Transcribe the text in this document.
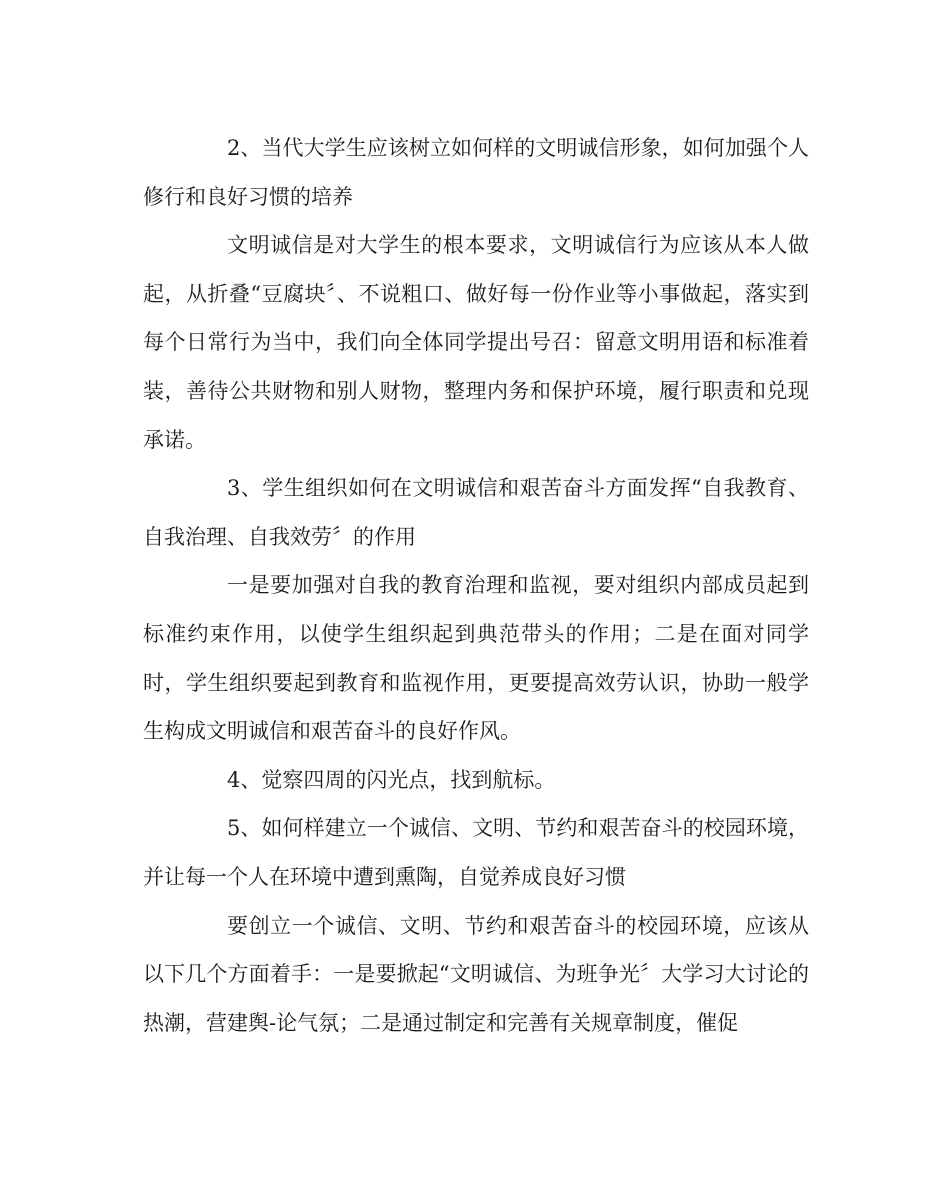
2、当代大学生应该树立如何样的文明诚信形象，如何加强个人修行和良好习惯的培养

文明诚信是对大学生的根本要求，文明诚信行为应该从本人做起，从折叠“豆腐块〞、不说粗口、做好每一份作业等小事做起，落实到每个日常行为当中，我们向全体同学提出号召：留意文明用语和标准着装，善待公共财物和别人财物，整理内务和保护环境，履行职责和兑现承诺。

3、学生组织如何在文明诚信和艰苦奋斗方面发挥“自我教育、自我治理、自我效劳〞的作用

一是要加强对自我的教育治理和监视，要对组织内部成员起到标准约束作用，以使学生组织起到典范带头的作用；二是在面对同学时，学生组织要起到教育和监视作用，更要提高效劳认识，协助一般学生构成文明诚信和艰苦奋斗的良好作风。

4、觉察四周的闪光点，找到航标。

5、如何样建立一个诚信、文明、节约和艰苦奋斗的校园环境，并让每一个人在环境中遭到熏陶，自觉养成良好习惯

要创立一个诚信、文明、节约和艰苦奋斗的校园环境，应该从以下几个方面着手：一是要掀起“文明诚信、为班争光〞大学习大讨论的热潮，营建舆-论气氛；二是通过制定和完善有关规章制度，催促
